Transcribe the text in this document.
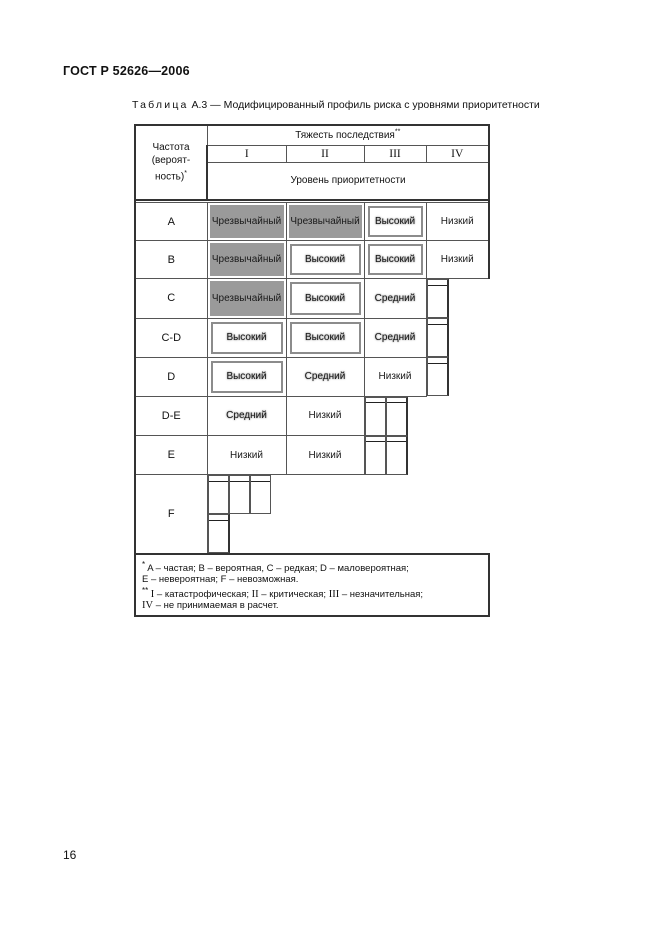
ГОСТ Р 52626—2006
Таблица А.3 — Модифицированный профиль риска с уровнями приоритетности
Частота
(вероят-
ность)*	Тяжесть последствия**
	I	II	III	IV
	Уровень приоритетности			

A	Чрезвычайный	Чрезвычайный	Высокий	Низкий

B	Чрезвычайный	Высокий	Высокий	Низкий

C	Чрезвычайный	Высокий	Средний	

C-D	Высокий	Высокий	Средний	

D	Высокий	Средний	Низкий	

D-E	Средний	Низкий		

E	Низкий	Низкий		

F	

* A – частая; B – вероятная, C – редкая; D – маловероятная;
E – невероятная; F – невозможная.
** I – катастрофическая; II – критическая; III – незначительная;
IV – не принимаемая в расчет.				
16
